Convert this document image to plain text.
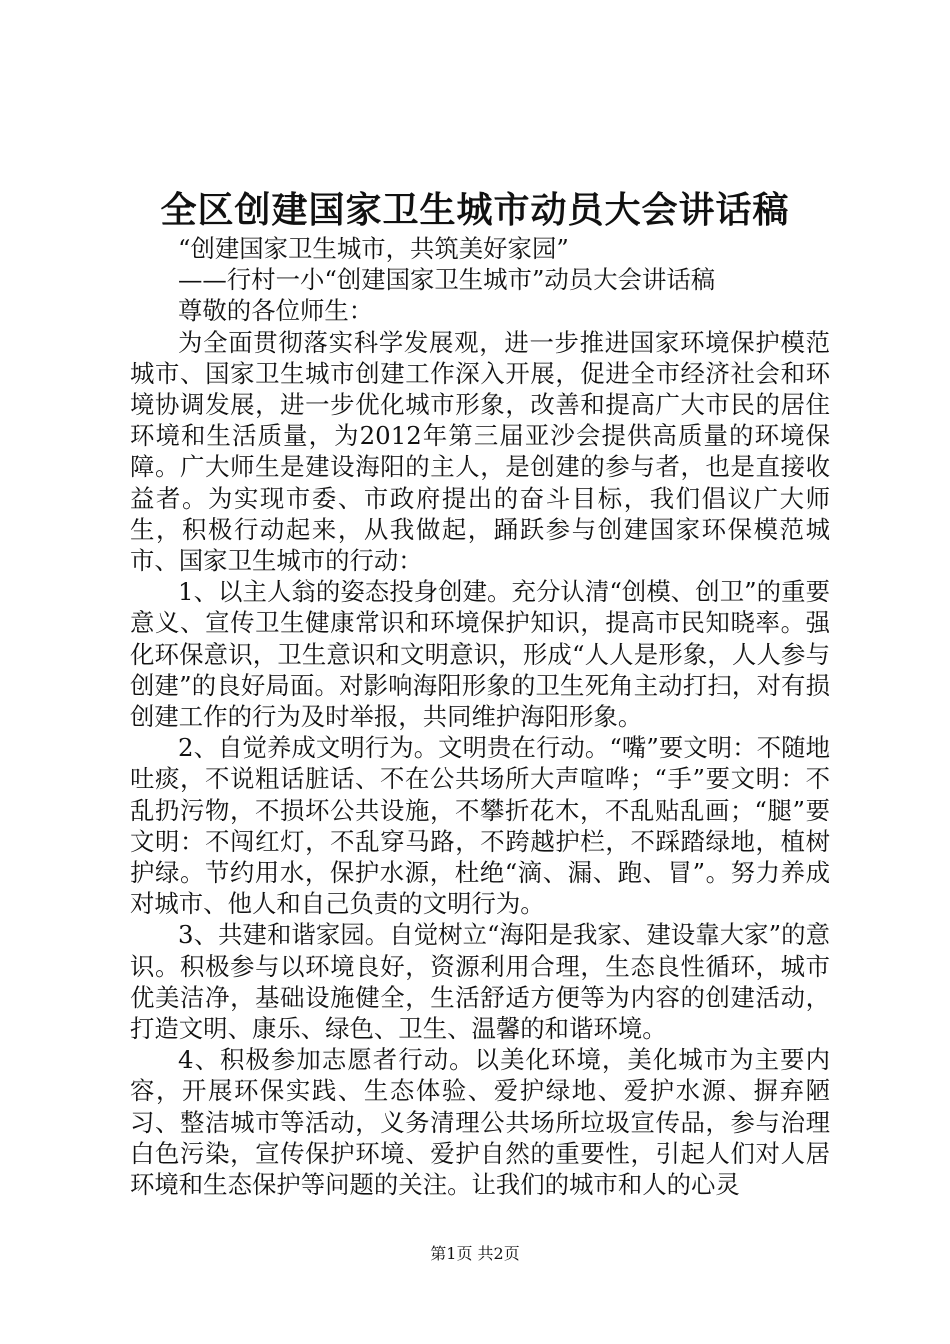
全区创建国家卫生城市动员大会讲话稿

“创建国家卫生城市，共筑美好家园”

——行村一小“创建国家卫生城市”动员大会讲话稿

尊敬的各位师生：

为全面贯彻落实科学发展观，进一步推进国家环境保护模范城市、国家卫生城市创建工作深入开展，促进全市经济社会和环境协调发展，进一步优化城市形象，改善和提高广大市民的居住环境和生活质量，为2012年第三届亚沙会提供高质量的环境保障。广大师生是建设海阳的主人，是创建的参与者，也是直接收益者。为实现市委、市政府提出的奋斗目标，我们倡议广大师生，积极行动起来，从我做起，踊跃参与创建国家环保模范城市、国家卫生城市的行动：

1、以主人翁的姿态投身创建。充分认清“创模、创卫”的重要意义、宣传卫生健康常识和环境保护知识，提高市民知晓率。强化环保意识，卫生意识和文明意识，形成“人人是形象，人人参与创建”的良好局面。对影响海阳形象的卫生死角主动打扫，对有损创建工作的行为及时举报，共同维护海阳形象。

2、自觉养成文明行为。文明贵在行动。“嘴”要文明：不随地吐痰，不说粗话脏话、不在公共场所大声喧哗；“手”要文明：不乱扔污物，不损坏公共设施，不攀折花木，不乱贴乱画；“腿”要文明：不闯红灯，不乱穿马路，不跨越护栏，不踩踏绿地，植树护绿。节约用水，保护水源，杜绝“滴、漏、跑、冒”。努力养成对城市、他人和自己负责的文明行为。

3、共建和谐家园。自觉树立“海阳是我家、建设靠大家”的意识。积极参与以环境良好，资源利用合理，生态良性循环，城市优美洁净，基础设施健全，生活舒适方便等为内容的创建活动，打造文明、康乐、绿色、卫生、温馨的和谐环境。

4、积极参加志愿者行动。以美化环境，美化城市为主要内容，开展环保实践、生态体验、爱护绿地、爱护水源、摒弃陋习、整洁城市等活动，义务清理公共场所垃圾宣传品，参与治理白色污染，宣传保护环境、爱护自然的重要性，引起人们对人居环境和生态保护等问题的关注。让我们的城市和人的心灵

第1页 共2页
